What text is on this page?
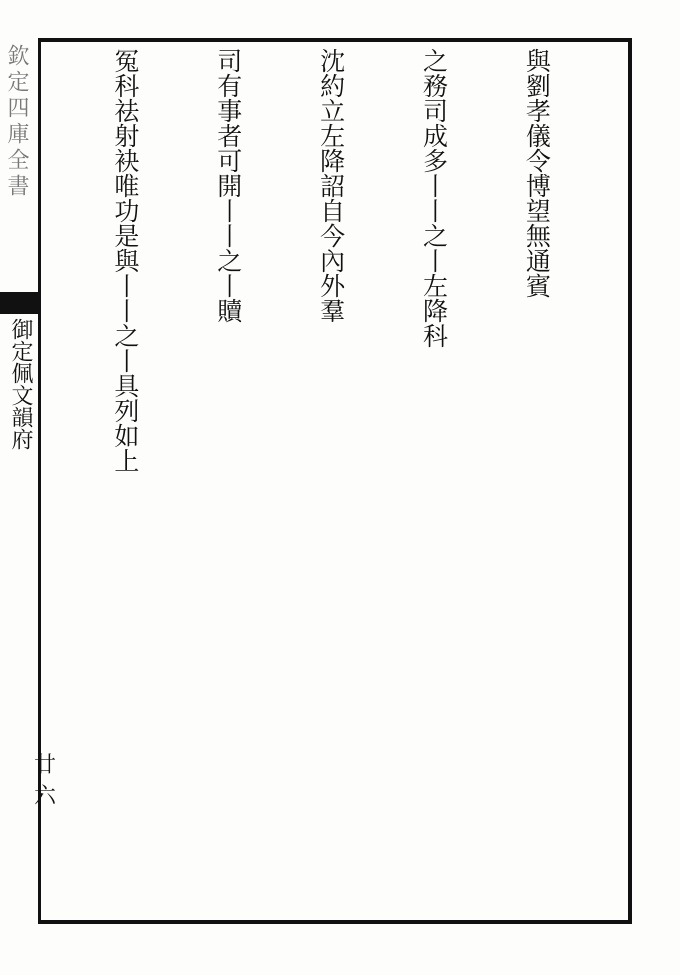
欽定四庫全書
御定佩文韻府
廿六

與劉孝儀令博望無通賓

之務司成多丨丨之丨左降科

沈約立左降詔自今內外羣

司有事者可開丨丨之丨贖

冤科祛射袂唯功是與丨丨之丨具列如上
